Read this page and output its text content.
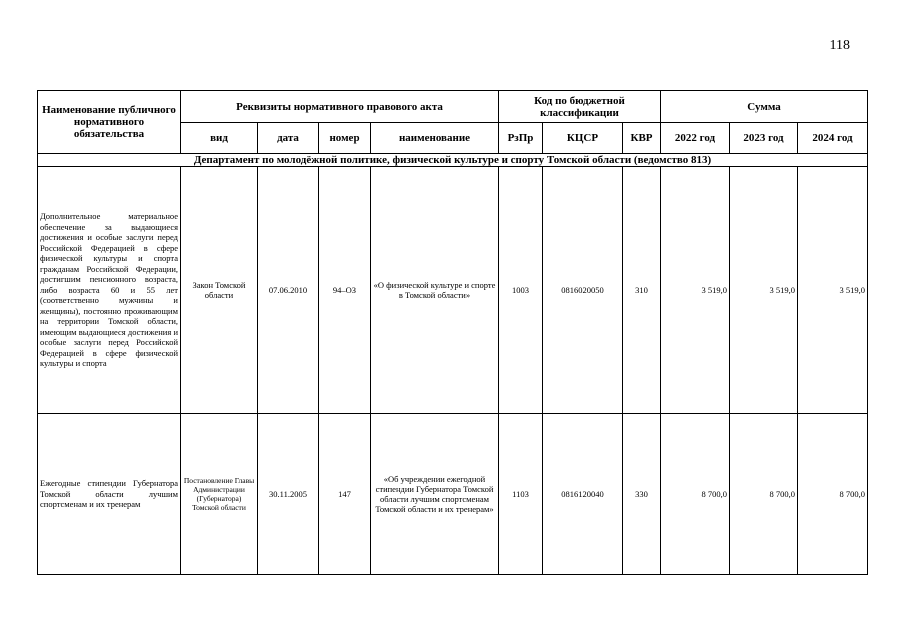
118
Наименование публичного нормативного обязательства	Реквизиты нормативного правового акта				Код по бюджетной классификации			Сумма		
	вид	дата	номер	наименование	РзПр	КЦСР	КВР	2022 год	2023 год	2024 год
Департамент по молодёжной политике, физической культуре и спорту Томской области (ведомство 813)										
Дополнительное материальное обеспечение за выдающиеся достижения и особые заслуги перед Российской Федерацией в сфере физической культуры и спорта гражданам Российской Федерации, достигшим пенсионного возраста, либо возраста 60 и 55 лет (соответственно мужчины и женщины), постоянно проживающим на территории Томской области, имеющим выдающиеся достижения и особые заслуги перед Российской Федерацией в сфере физической культуры и спорта	Закон Томской области	07.06.2010	94–ОЗ	«О физической культуре и спорте в Томской области»	1003	0816020050	310	3 519,0	3 519,0	3 519,0
Ежегодные стипендии Губернатора Томской области лучшим спортсменам и их тренерам	Постановление Главы Администрации (Губернатора) Томской области	30.11.2005	147	«Об учреждении ежегодной стипендии Губернатора Томской области лучшим спортсменам Томской области и их тренерам»	1103	0816120040	330	8 700,0	8 700,0	8 700,0
